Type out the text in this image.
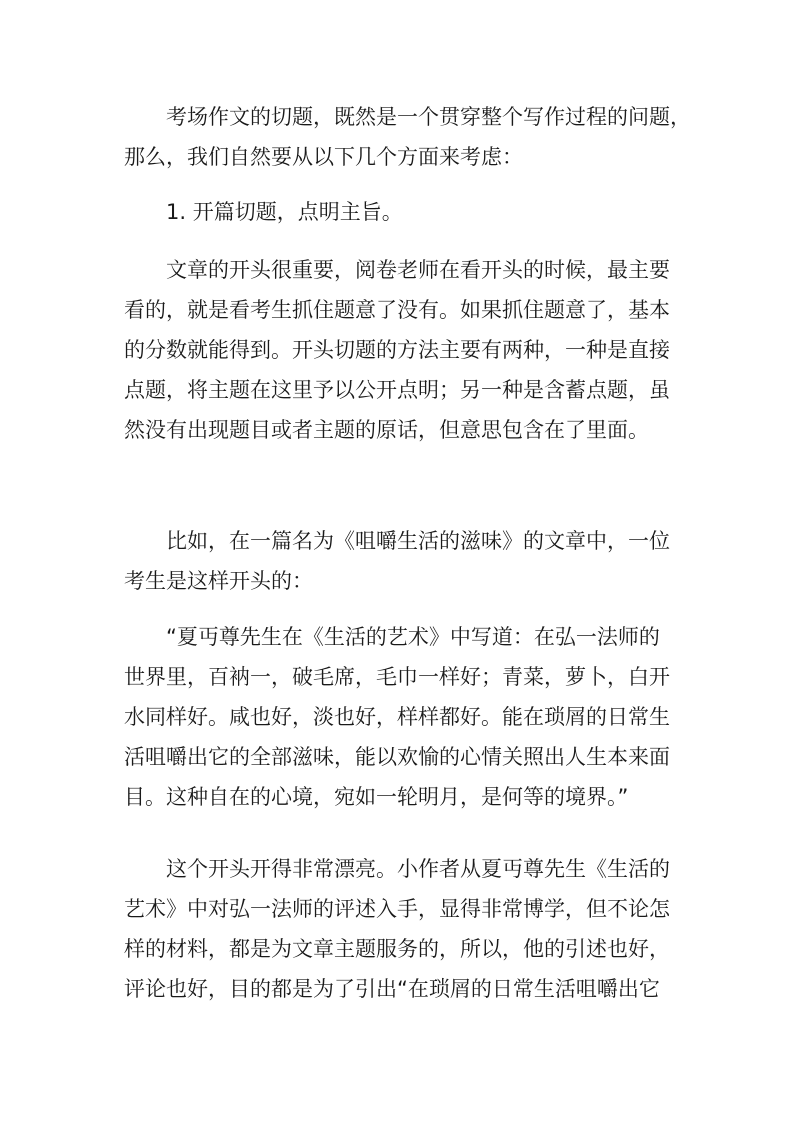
考场作文的切题，既然是一个贯穿整个写作过程的问题，
那么，我们自然要从以下几个方面来考虑：
1. 开篇切题，点明主旨。
文章的开头很重要，阅卷老师在看开头的时候，最主要
看的，就是看考生抓住题意了没有。如果抓住题意了，基本
的分数就能得到。开头切题的方法主要有两种，一种是直接
点题，将主题在这里予以公开点明；另一种是含蓄点题，虽
然没有出现题目或者主题的原话，但意思包含在了里面。
比如，在一篇名为《咀嚼生活的滋味》的文章中，一位
考生是这样开头的：
“夏丏尊先生在《生活的艺术》中写道：在弘一法师的
世界里，百衲一，破毛席，毛巾一样好；青菜，萝卜，白开
水同样好。咸也好，淡也好，样样都好。能在琐屑的日常生
活咀嚼出它的全部滋味，能以欢愉的心情关照出人生本来面
目。这种自在的心境，宛如一轮明月，是何等的境界。”
这个开头开得非常漂亮。小作者从夏丏尊先生《生活的
艺术》中对弘一法师的评述入手，显得非常博学，但不论怎
样的材料，都是为文章主题服务的，所以，他的引述也好，
评论也好，目的都是为了引出“在琐屑的日常生活咀嚼出它
